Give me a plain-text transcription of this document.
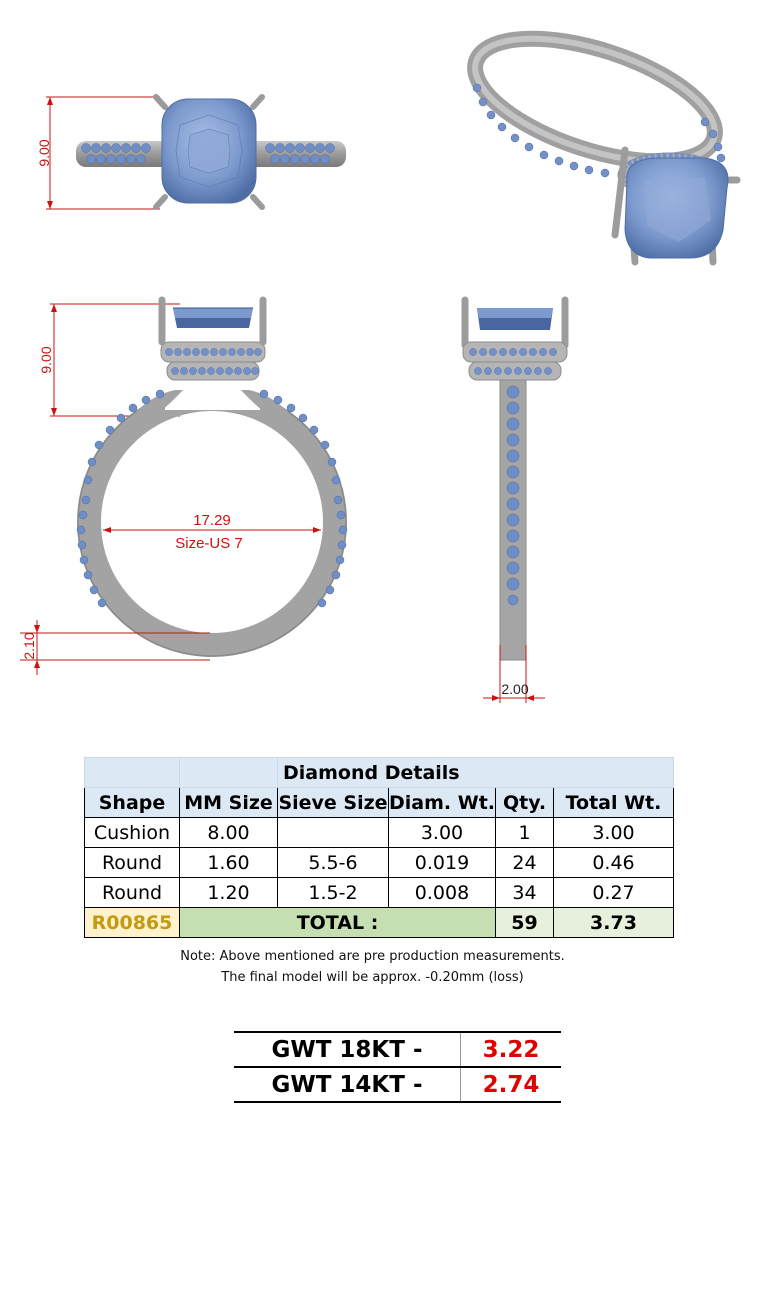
9.00
9.00
17.29
Size-US 7
2.10
2.00
		Diamond Details			
Shape	MM Size	Sieve Size	Diam. Wt.	Qty.	Total Wt.
Cushion	8.00		3.00	1	3.00
Round	1.60	5.5-6	0.019	24	0.46
Round	1.20	1.5-2	0.008	34	0.27
R00865	TOTAL :			59	3.73
Note: Above mentioned are pre production measurements.
The final model will be approx. -0.20mm (loss)
GWT 18KT -	3.22
GWT 14KT -	2.74
